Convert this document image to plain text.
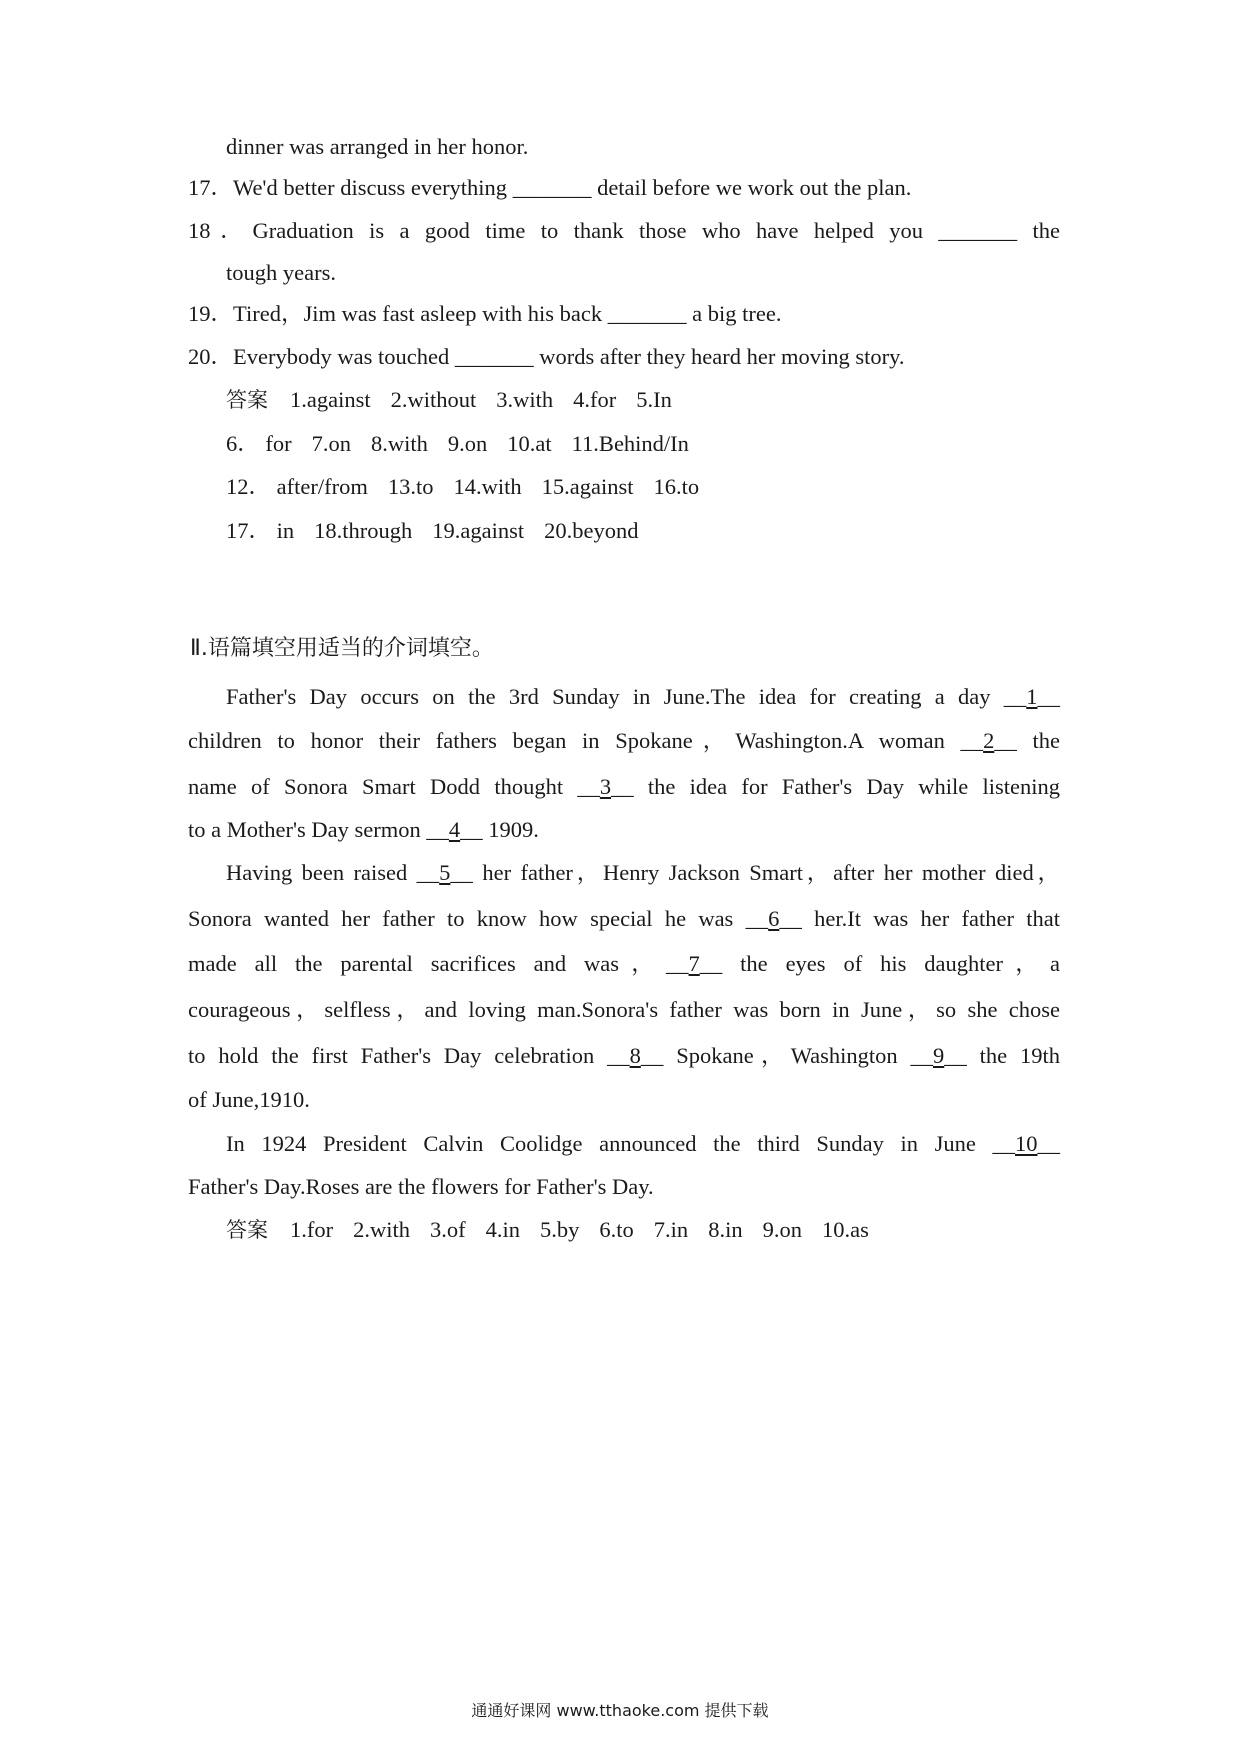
dinner was arranged in her honor.
17．We'd better discuss everything _______ detail before we work out the plan.
18．Graduation is a good time to thank those who have helped you _______ the
tough years.
19．Tired，Jim was fast asleep with his back _______ a big tree.
20．Everybody was touched _______ words after they heard her moving story.
答案 1.against 2.without 3.with 4.for 5.In
6． for 7.on 8.with 9.on 10.at 11.Behind/In
12． after/from 13.to 14.with 15.against 16.to
17． in 18.through 19.against 20.beyond
Ⅱ.语篇填空用适当的介词填空。
Father's Day occurs on the 3rd Sunday in June.The idea for creating a day __1__
children to honor their fathers began in Spokane，Washington.A woman __2__ the
name of Sonora Smart Dodd thought __3__ the idea for Father's Day while listening
to a Mother's Day sermon __4__ 1909.
Having been raised __5__ her father，Henry Jackson Smart，after her mother died，
Sonora wanted her father to know how special he was __6__ her.It was her father that
made all the parental sacrifices and was，__7__ the eyes of his daughter，a
courageous，selfless，and loving man.Sonora's father was born in June，so she chose
to hold the first Father's Day celebration __8__ Spokane，Washington __9__ the 19th
of June,1910.
In 1924 President Calvin Coolidge announced the third Sunday in June __10__
Father's Day.Roses are the flowers for Father's Day.
答案 1.for 2.with 3.of 4.in 5.by 6.to 7.in 8.in 9.on 10.as
通通好课网 www.tthaoke.com 提供下载
